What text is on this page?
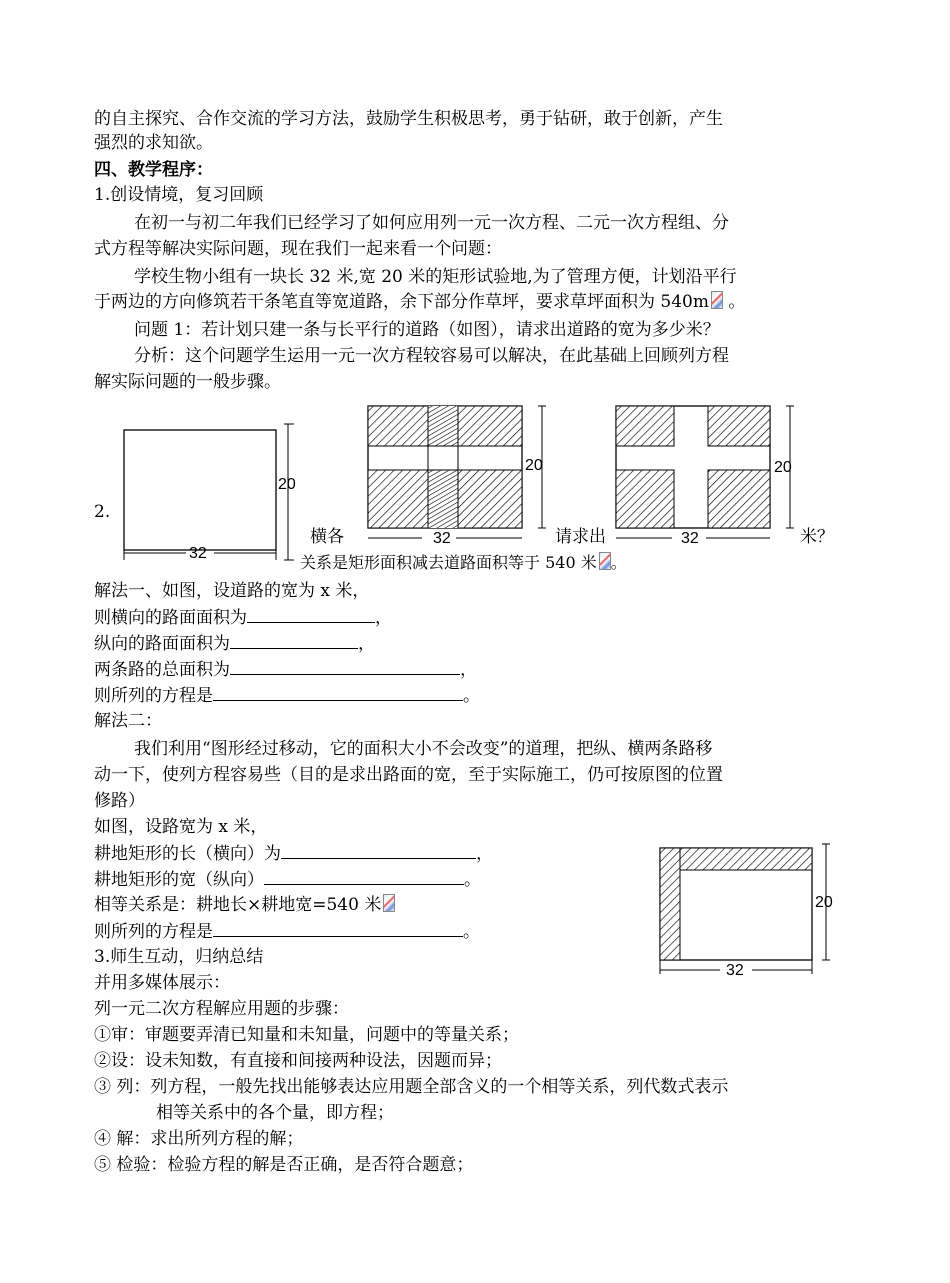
的自主探究、合作交流的学习方法，鼓励学生积极思考，勇于钻研，敢于创新，产生
强烈的求知欲。
四、教学程序：
1.创设情境，复习回顾
在初一与初二年我们已经学习了如何应用列一元一次方程、二元一次方程组、分
式方程等解决实际问题，现在我们一起来看一个问题：
学校生物小组有一块长 32 米,宽 20 米的矩形试验地,为了管理方便，计划沿平行
于两边的方向修筑若干条笔直等宽道路，余下部分作草坪，要求草坪面积为 540m 。
问题 1：若计划只建一条与长平行的道路（如图），请求出道路的宽为多少米？
分析：这个问题学生运用一元一次方程较容易可以解决，在此基础上回顾列方程
解实际问题的一般步骤。
20
32
20
32
20
32
2.
横各	请求出	米？
关系是矩形面积减去道路面积等于 540 米 。
解法一、如图，设道路的宽为 x 米，
则横向的路面面积为	，
纵向的路面面积为	，
两条路的总面积为	，
则所列的方程是	。
解法二：
我们利用“图形经过移动，它的面积大小不会改变”的道理，把纵、横两条路移
动一下，使列方程容易些（目的是求出路面的宽，至于实际施工，仍可按原图的位置
修路）
如图，设路宽为 x 米，
耕地矩形的长（横向）为	，
耕地矩形的宽（纵向）	。
相等关系是：耕地长×耕地宽=540 米
则所列的方程是	。
20
32
3.师生互动，归纳总结
并用多媒体展示：
列一元二次方程解应用题的步骤：
①审：审题要弄清已知量和未知量，问题中的等量关系；
②设：设未知数，有直接和间接两种设法，因题而异；
③ 列：列方程，一般先找出能够表达应用题全部含义的一个相等关系，列代数式表示
相等关系中的各个量，即方程；
④ 解：求出所列方程的解；
⑤ 检验：检验方程的解是否正确，是否符合题意；
